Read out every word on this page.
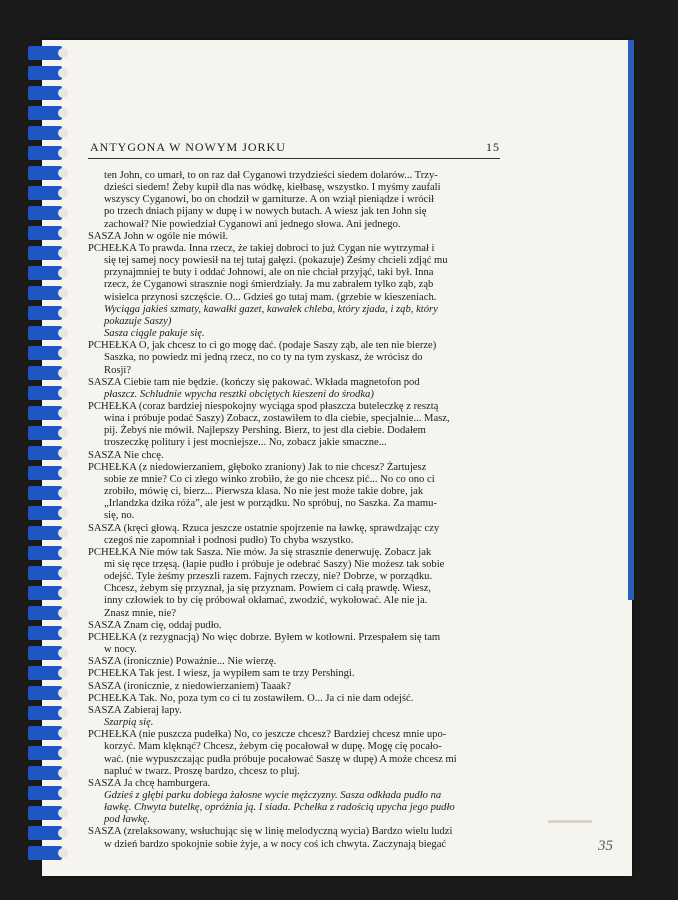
ANTYGONA W NOWYM JORKU	15

ten John, co umarł, to on raz dał Cyganowi trzydzieści siedem dolarów... Trzy-

dzieści siedem! Żeby kupił dla nas wódkę, kiełbasę, wszystko. I myśmy zaufali

wszyscy Cyganowi, bo on chodził w garniturze. A on wziął pieniądze i wrócił

po trzech dniach pijany w dupę i w nowych butach. A wiesz jak ten John się

zachował? Nie powiedział Cyganowi ani jednego słowa. Ani jednego.

SASZA John w ogóle nie mówił.

PCHEŁKA To prawda. Inna rzecz, że takiej dobroci to już Cygan nie wytrzymał i

się tej samej nocy powiesił na tej tutaj gałęzi. (pokazuje) Żeśmy chcieli zdjąć mu

przynajmniej te buty i oddać Johnowi, ale on nie chciał przyjąć, taki był. Inna

rzecz, że Cyganowi strasznie nogi śmierdziały. Ja mu zabrałem tylko ząb, ząb

wisielca przynosi szczęście. O... Gdzieś go tutaj mam. (grzebie w kieszeniach.

Wyciąga jakieś szmaty, kawałki gazet, kawałek chleba, który zjada, i ząb, który

pokazuje Saszy)

Sasza ciągle pakuje się.

PCHEŁKA O, jak chcesz to ci go mogę dać. (podaje Saszy ząb, ale ten nie bierze)

Saszka, no powiedz mi jedną rzecz, no co ty na tym zyskasz, że wrócisz do

Rosji?

SASZA Ciebie tam nie będzie. (kończy się pakować. Wkłada magnetofon pod

płaszcz. Schludnie wpycha resztki obciętych kieszeni do środka)

PCHEŁKA (coraz bardziej niespokojny wyciąga spod płaszcza buteleczkę z resztą

wina i próbuje podać Saszy) Zobacz, zostawiłem to dla ciebie, specjalnie... Masz,

pij. Żebyś nie mówił. Najlepszy Pershing. Bierz, to jest dla ciebie. Dodałem

troszeczkę politury i jest mocniejsze... No, zobacz jakie smaczne...

SASZA Nie chcę.

PCHEŁKA (z niedowierzaniem, głęboko zraniony) Jak to nie chcesz? Żartujesz

sobie ze mnie? Co ci złego winko zrobiło, że go nie chcesz pić... No co ono ci

zrobiło, mówię ci, bierz... Pierwsza klasa. No nie jest może takie dobre, jak

„Irlandzka dzika róża”, ale jest w porządku. No spróbuj, no Saszka. Za mamu-

się, no.

SASZA (kręci głową. Rzuca jeszcze ostatnie spojrzenie na ławkę, sprawdzając czy

czegoś nie zapomniał i podnosi pudło) To chyba wszystko.

PCHEŁKA Nie mów tak Sasza. Nie mów. Ja się strasznie denerwuję. Zobacz jak

mi się ręce trzęsą. (łapie pudło i próbuje je odebrać Saszy) Nie możesz tak sobie

odejść. Tyle żeśmy przeszli razem. Fajnych rzeczy, nie? Dobrze, w porządku.

Chcesz, żebym się przyznał, ja się przyznam. Powiem ci całą prawdę. Wiesz,

inny człowiek to by cię próbował okłamać, zwodzić, wykołować. Ale nie ja.

Znasz mnie, nie?

SASZA Znam cię, oddaj pudło.

PCHEŁKA (z rezygnacją) No więc dobrze. Byłem w kotłowni. Przespałem się tam

w nocy.

SASZA (ironicznie) Poważnie... Nie wierzę.

PCHEŁKA Tak jest. I wiesz, ja wypiłem sam te trzy Pershingi.

SASZA (ironicznie, z niedowierzaniem) Taaak?

PCHEŁKA Tak. No, poza tym co ci tu zostawiłem. O... Ja ci nie dam odejść.

SASZA Zabieraj łapy.

Szarpią się.

PCHEŁKA (nie puszcza pudełka) No, co jeszcze chcesz? Bardziej chcesz mnie upo-

korzyć. Mam klęknąć? Chcesz, żebym cię pocałował w dupę. Mogę cię pocało-

wać. (nie wypuszczając pudła próbuje pocałować Saszę w dupę) A może chcesz mi

napluć w twarz. Proszę bardzo, chcesz to pluj.

SASZA Ja chcę hamburgera.

Gdzieś z głębi parku dobiega żałosne wycie mężczyzny. Sasza odkłada pudło na

ławkę. Chwyta butelkę, opróżnia ją. I siada. Pchełka z radością upycha jego pudło

pod ławkę.

SASZA (zrelaksowany, wsłuchując się w linię melodyczną wycia) Bardzo wielu ludzi

w dzień bardzo spokojnie sobie żyje, a w nocy coś ich chwyta. Zaczynają biegać	35
